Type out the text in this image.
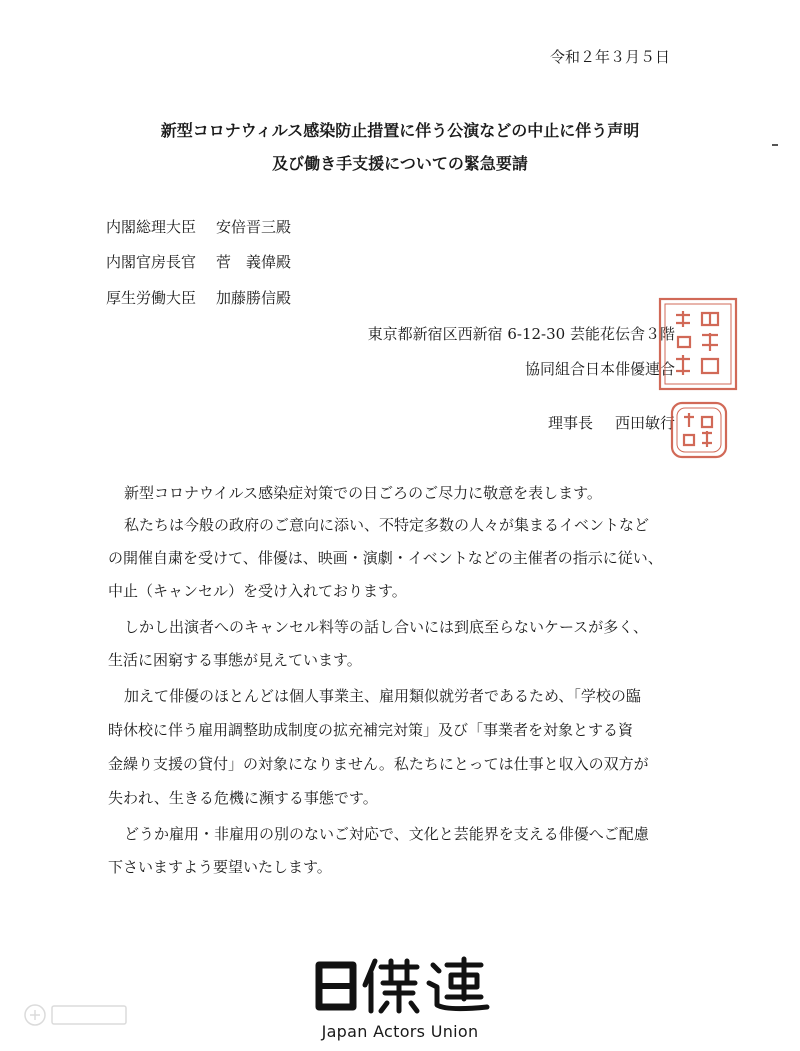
令和２年３月５日
新型コロナウィルス感染防止措置に伴う公演などの中止に伴う声明
及び働き手支援についての緊急要請
内閣総理大臣 安倍晋三殿
内閣官房長官 菅　義偉殿
厚生労働大臣 加藤勝信殿
東京都新宿区西新宿 6-12-30 芸能花伝舎３階
協同組合日本俳優連合
理事長 西田敏行
新型コロナウイルス感染症対策での日ごろのご尽力に敬意を表します。
私たちは今般の政府のご意向に添い、不特定多数の人々が集まるイベントなど
の開催自粛を受けて、俳優は、映画・演劇・イベントなどの主催者の指示に従い、
中止（キャンセル）を受け入れております。
しかし出演者へのキャンセル料等の話し合いには到底至らないケースが多く、
生活に困窮する事態が見えています。
加えて俳優のほとんどは個人事業主、雇用類似就労者であるため、「学校の臨
時休校に伴う雇用調整助成制度の拡充補完対策」及び「事業者を対象とする資
金繰り支援の貸付」の対象になりません。私たちにとっては仕事と収入の双方が
失われ、生きる危機に瀕する事態です。
どうか雇用・非雇用の別のないご対応で、文化と芸能界を支える俳優へご配慮
下さいますよう要望いたします。
Japan Actors Union
